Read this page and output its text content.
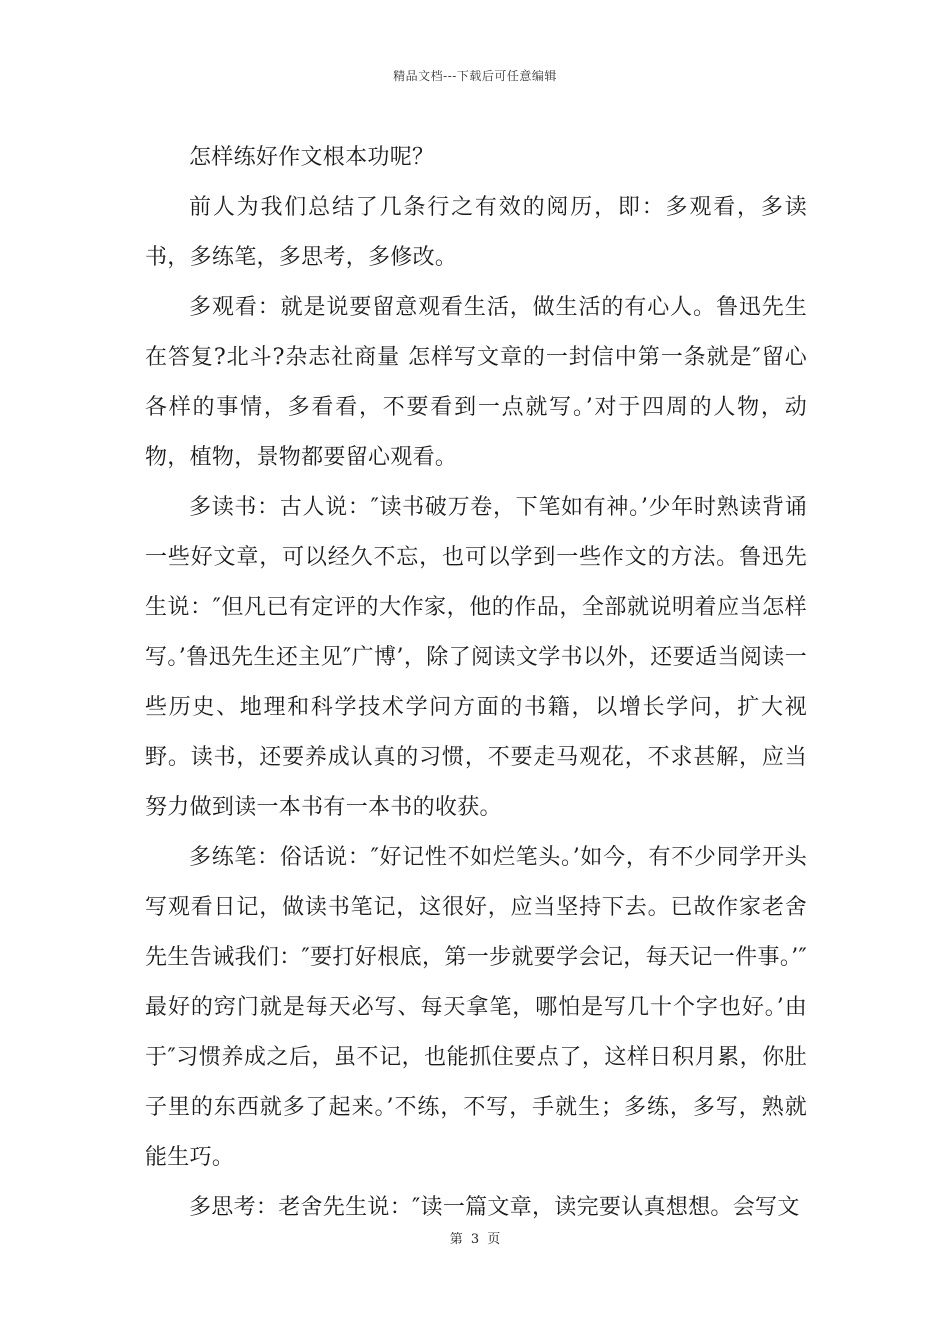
精品文档---下载后可任意编辑

怎样练好作文根本功呢？

前人为我们总结了几条行之有效的阅历，即：多观看，多读书，多练笔，多思考，多修改。

多观看：就是说要留意观看生活，做生活的有心人。鲁迅先生在答复?北斗?杂志社商量 怎样写文章的一封信中第一条就是″留心各样的事情，多看看，不要看到一点就写。’对于四周的人物，动物，植物，景物都要留心观看。

多读书：古人说：″读书破万卷，下笔如有神。’少年时熟读背诵一些好文章，可以经久不忘，也可以学到一些作文的方法。鲁迅先生说：″但凡已有定评的大作家，他的作品，全部就说明着应当怎样写。’鲁迅先生还主见″广博’，除了阅读文学书以外，还要适当阅读一些历史、地理和科学技术学问方面的书籍，以增长学问，扩大视野。读书，还要养成认真的习惯，不要走马观花，不求甚解，应当努力做到读一本书有一本书的收获。

多练笔：俗话说：″好记性不如烂笔头。’如今，有不少同学开头写观看日记，做读书笔记，这很好，应当坚持下去。已故作家老舍先生告诫我们：″要打好根底，第一步就要学会记，每天记一件事。’″最好的窍门就是每天必写、每天拿笔，哪怕是写几十个字也好。’由于″习惯养成之后，虽不记，也能抓住要点了，这样日积月累，你肚子里的东西就多了起来。’不练，不写，手就生；多练，多写，熟就能生巧。

多思考：老舍先生说：″读一篇文章，读完要认真想想。会写文

第 3 页
